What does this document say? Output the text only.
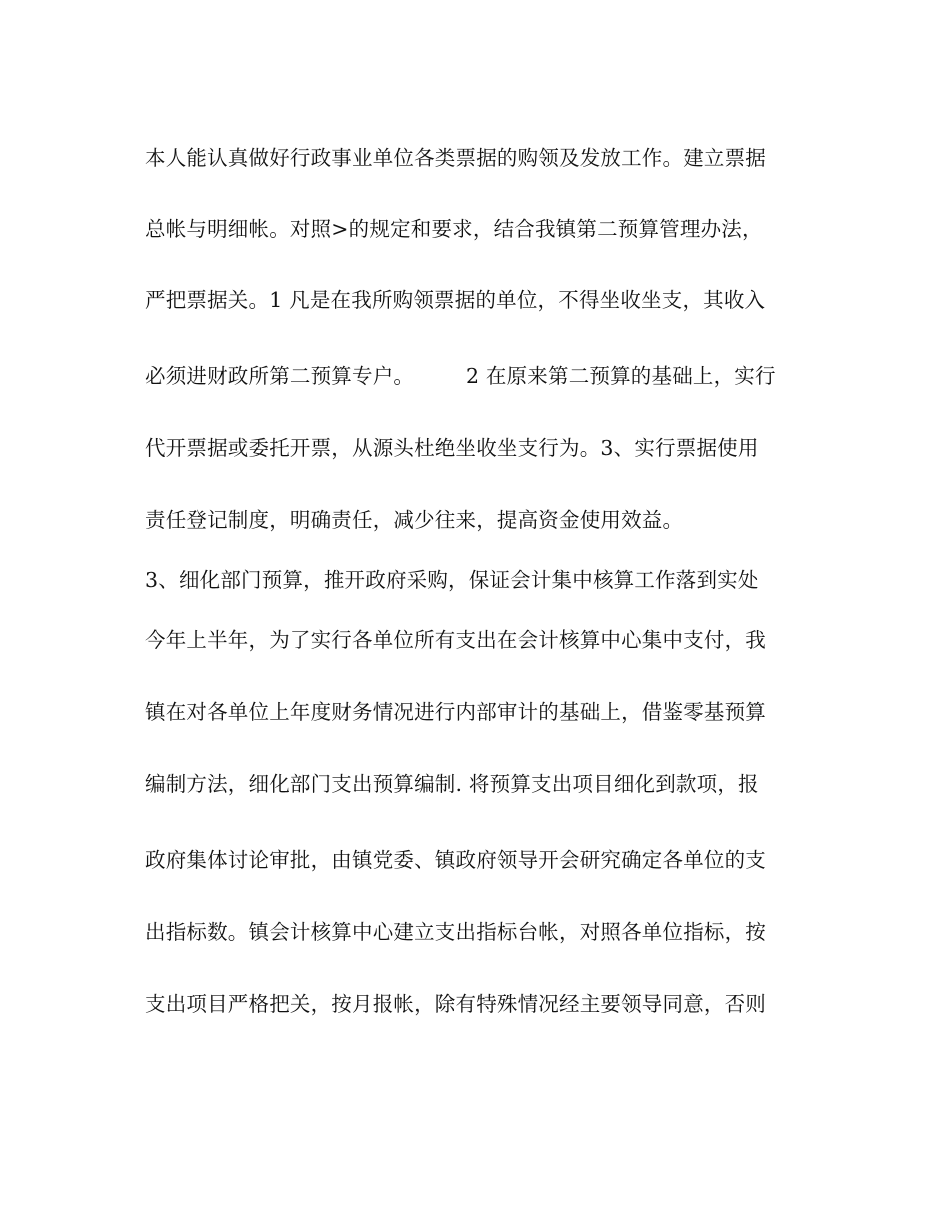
本人能认真做好行政事业单位各类票据的购领及发放工作。建立票据
总帐与明细帐。对照>的规定和要求，结合我镇第二预算管理办法，
严把票据关。1 凡是在我所购领票据的单位，不得坐收坐支，其收入
必须进财政所第二预算专户。　　　2 在原来第二预算的基础上，实行
代开票据或委托开票，从源头杜绝坐收坐支行为。3、实行票据使用
责任登记制度，明确责任，减少往来，提高资金使用效益。
3、细化部门预算，推开政府采购，保证会计集中核算工作落到实处
今年上半年，为了实行各单位所有支出在会计核算中心集中支付，我
镇在对各单位上年度财务情况进行内部审计的基础上，借鉴零基预算
编制方法，细化部门支出预算编制. 将预算支出项目细化到款项，报
政府集体讨论审批，由镇党委、镇政府领导开会研究确定各单位的支
出指标数。镇会计核算中心建立支出指标台帐，对照各单位指标，按
支出项目严格把关，按月报帐，除有特殊情况经主要领导同意，否则
